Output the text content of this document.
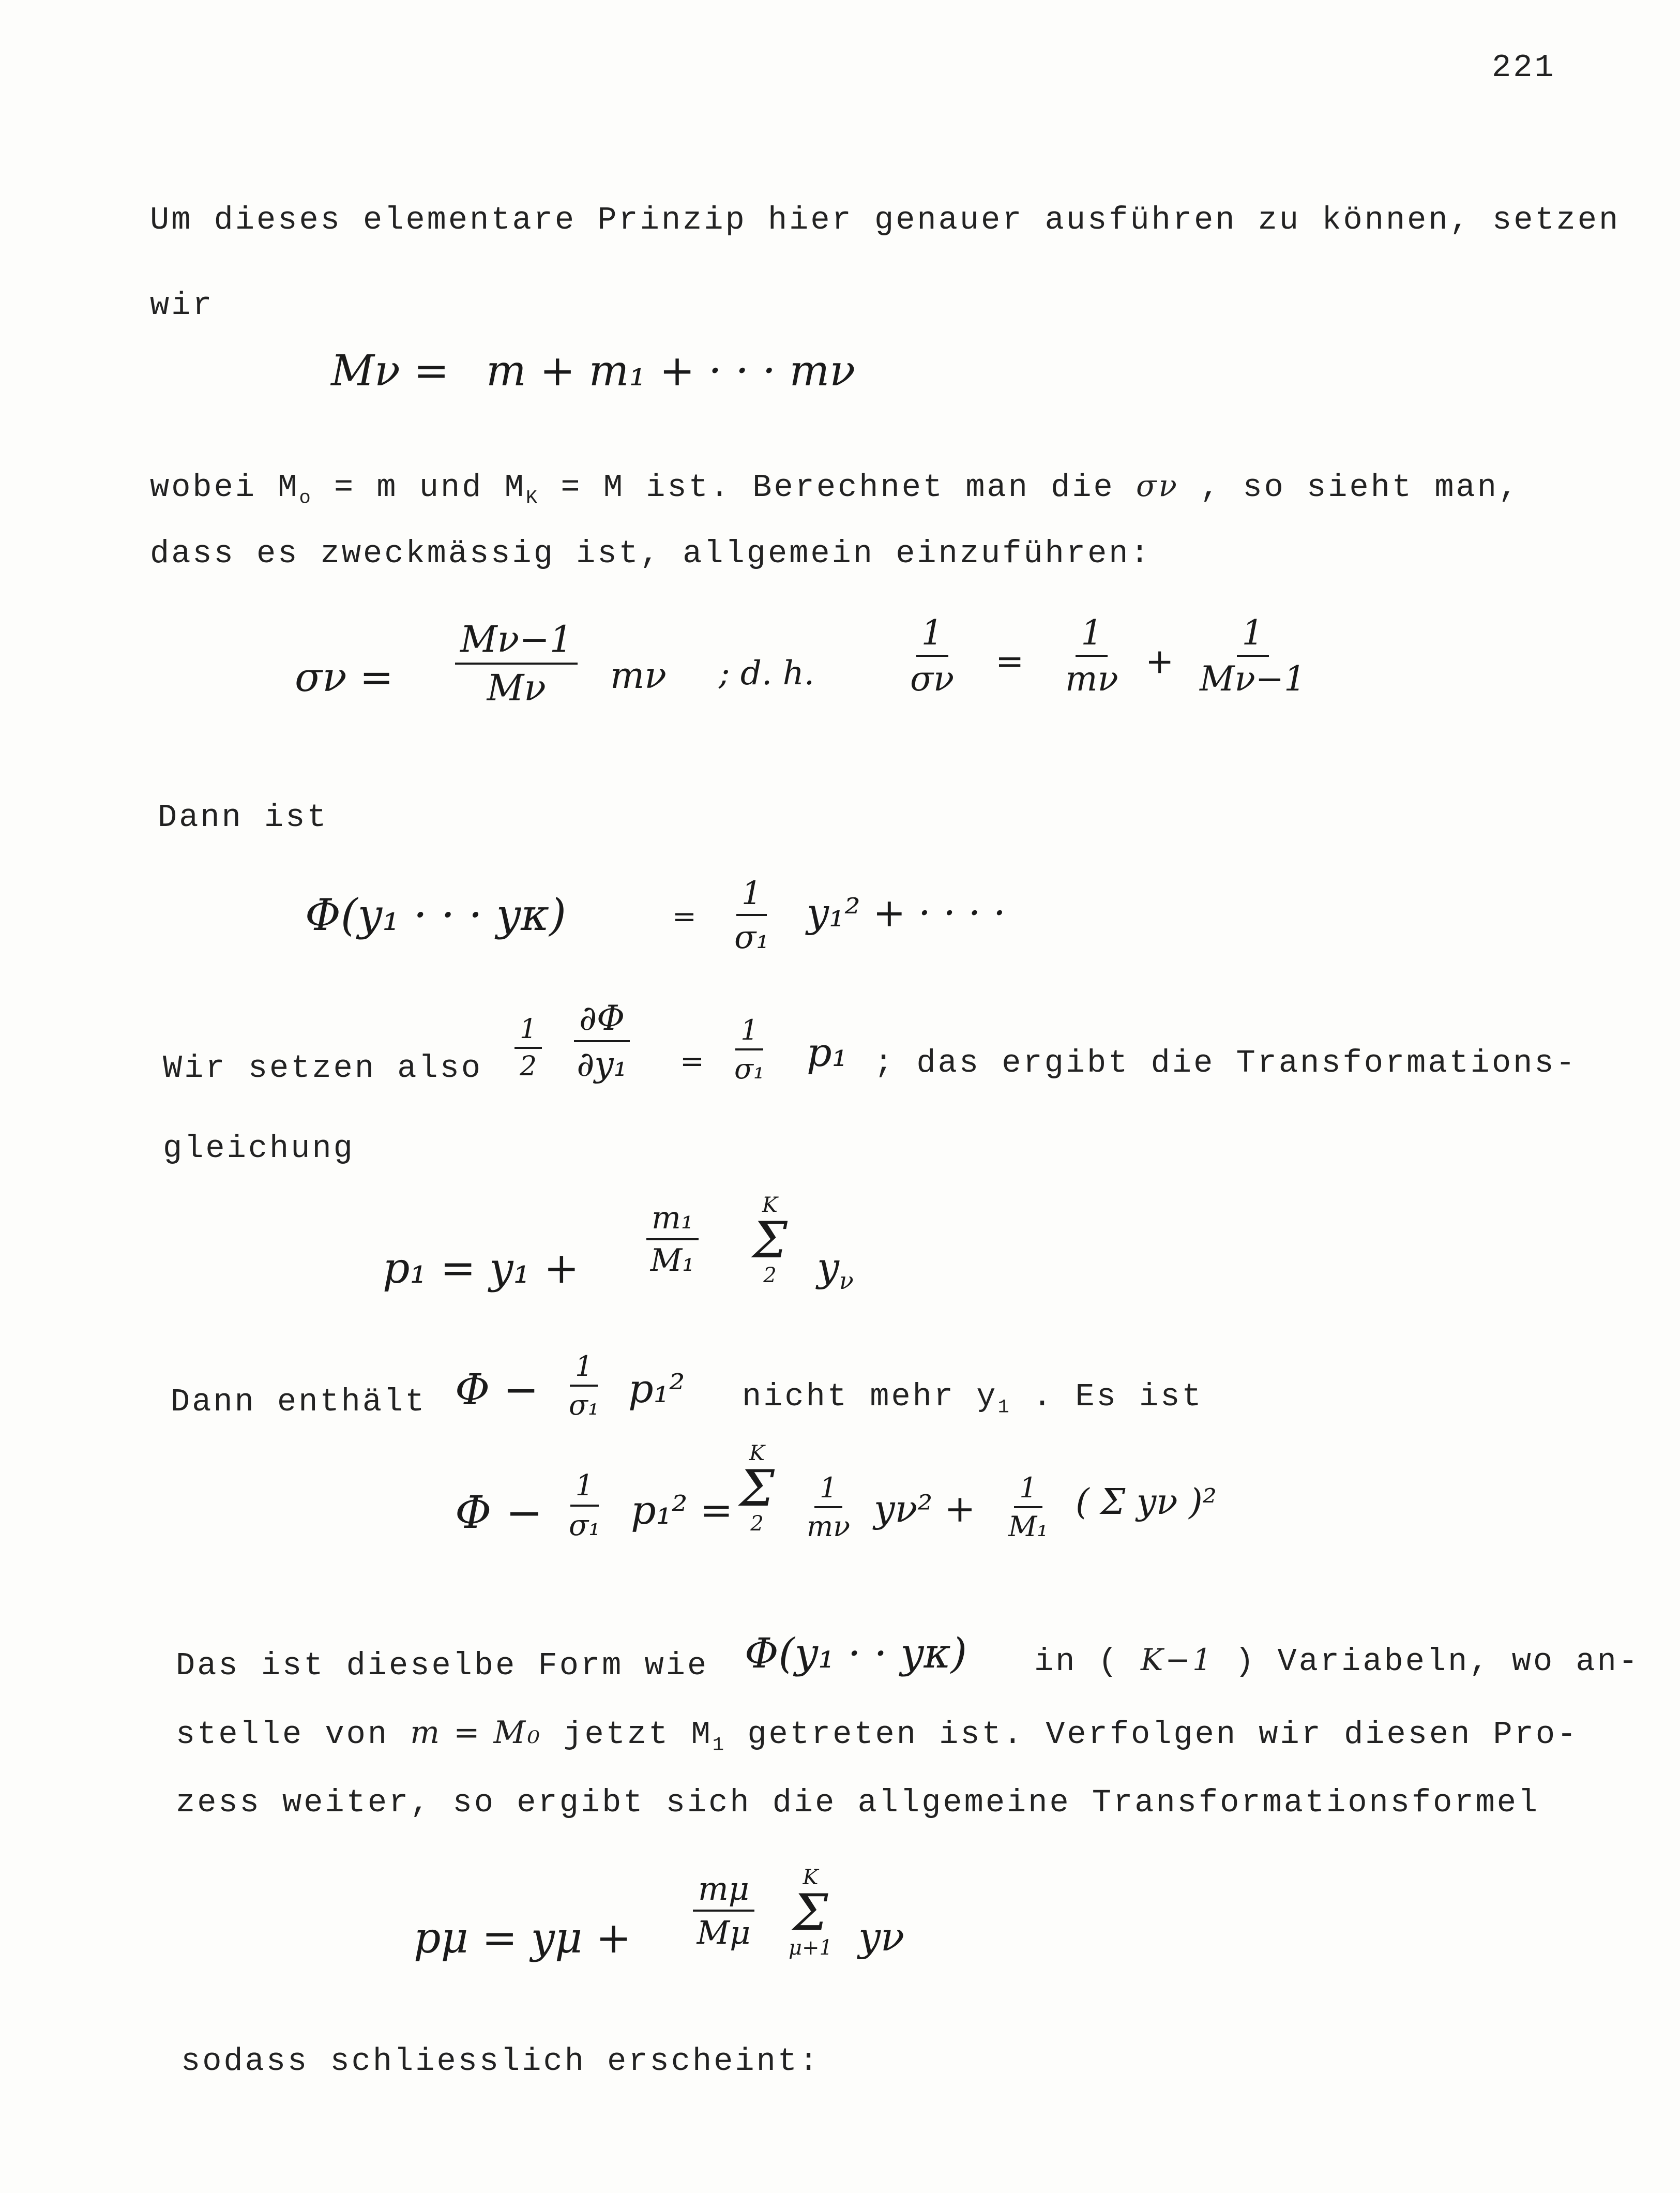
221
Um dieses elementare Prinzip hier genauer ausführen zu können, setzen
wir
Mν = m + m₁ + · · · mν
wobei $M_o = m$ und $M_K = M$ ist. Berechnet man die σν , so sieht man,
dass es zweckmässig ist, allgemein einzuführen:
$\sigma\nu = \frac{M\nu-1}{M\nu}$ mν ; d. h.	$\frac{1}{\sigma\nu} = \frac{1}{m\nu} + \frac{1}{M\nu-1}$
Dann ist
Φ(y₁ · · · yκ)	= $\frac{1}{\text{σ₁}} y_1^2$ + · · · ·
Wir setzen also $\frac{1}{2} \frac{\partial\Phi}{\text{∂y₁}} = \frac{1}{\text{σ₁}} p_1$ ; das ergibt die Transformations-
gleichung
$p_1 = y_1 + \frac{\text{m₁}}{\text{M₁}}$	K
Σ
2 $y_\nu$
Dann enthält $\Phi - \frac{1}{\text{σ₁}} p_1^2$ nicht mehr $y_1$ . Es ist
$\Phi - \frac{1}{\text{σ₁}} p_1^2$ =
K
Σ
$2 \frac{1}{m\nu} y\nu^2 + \frac{1}{\text{M₁}}$ ( Σ yν )²
Das ist dieselbe Form wie Φ(y₁ · · yκ) in ( K−1 ) Variabeln, wo an-
stelle von m = M₀ jetzt $M_1$ getreten ist. Verfolgen wir diesen Pro-
zess weiter, so ergibt sich die allgemeine Transformationsformel
$p\mu = y\mu + \frac{m\mu}{M\mu}$ K
Σ
μ+1 yν
sodass schliesslich erscheint:
